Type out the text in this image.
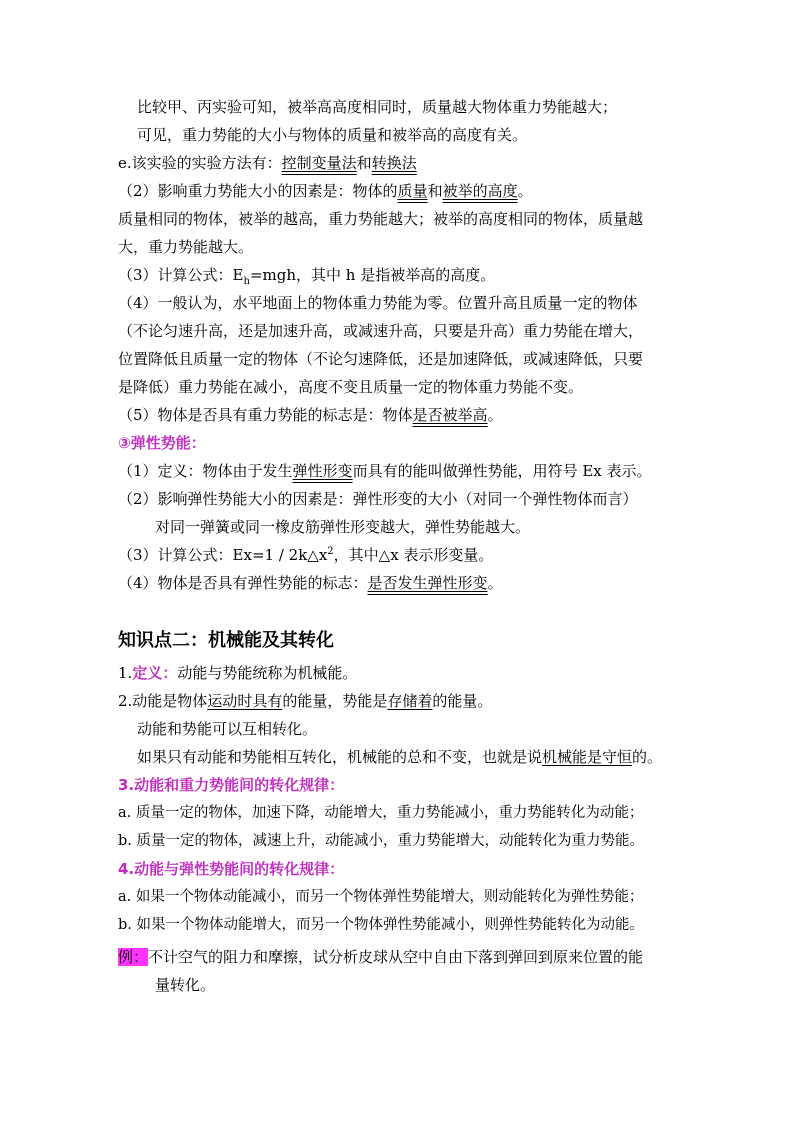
比较甲、丙实验可知，被举高高度相同时，质量越大物体重力势能越大；
可见，重力势能的大小与物体的质量和被举高的高度有关。
e.该实验的实验方法有：控制变量法和转换法
（2）影响重力势能大小的因素是：物体的质量和被举的高度。
质量相同的物体，被举的越高，重力势能越大；被举的高度相同的物体，质量越
大，重力势能越大。
（3）计算公式：$E_h=mgh$，其中 h 是指被举高的高度。
（4）一般认为，水平地面上的物体重力势能为零。位置升高且质量一定的物体
（不论匀速升高，还是加速升高，或减速升高，只要是升高）重力势能在增大，
位置降低且质量一定的物体（不论匀速降低，还是加速降低，或减速降低，只要
是降低）重力势能在减小，高度不变且质量一定的物体重力势能不变。
（5）物体是否具有重力势能的标志是：物体是否被举高。
③弹性势能：
（1）定义：物体由于发生弹性形变而具有的能叫做弹性势能，用符号 Ex 表示。
（2）影响弹性势能大小的因素是：弹性形变的大小（对同一个弹性物体而言）
对同一弹簧或同一橡皮筋弹性形变越大，弹性势能越大。
（3）计算公式：$Ex=1 / 2k\triangle x^2$，其中△x 表示形变量。
（4）物体是否具有弹性势能的标志：是否发生弹性形变。
知识点二：机械能及其转化
1.定义：动能与势能统称为机械能。
2.动能是物体运动时具有的能量，势能是存储着的能量。
动能和势能可以互相转化。
如果只有动能和势能相互转化，机械能的总和不变，也就是说机械能是守恒的。
3.动能和重力势能间的转化规律：
a. 质量一定的物体，加速下降，动能增大，重力势能减小，重力势能转化为动能；
b. 质量一定的物体，减速上升，动能减小，重力势能增大，动能转化为重力势能。
4.动能与弹性势能间的转化规律：
a. 如果一个物体动能减小，而另一个物体弹性势能增大，则动能转化为弹性势能；
b. 如果一个物体动能增大，而另一个物体弹性势能减小，则弹性势能转化为动能。
例：不计空气的阻力和摩擦，试分析皮球从空中自由下落到弹回到原来位置的能
量转化。
